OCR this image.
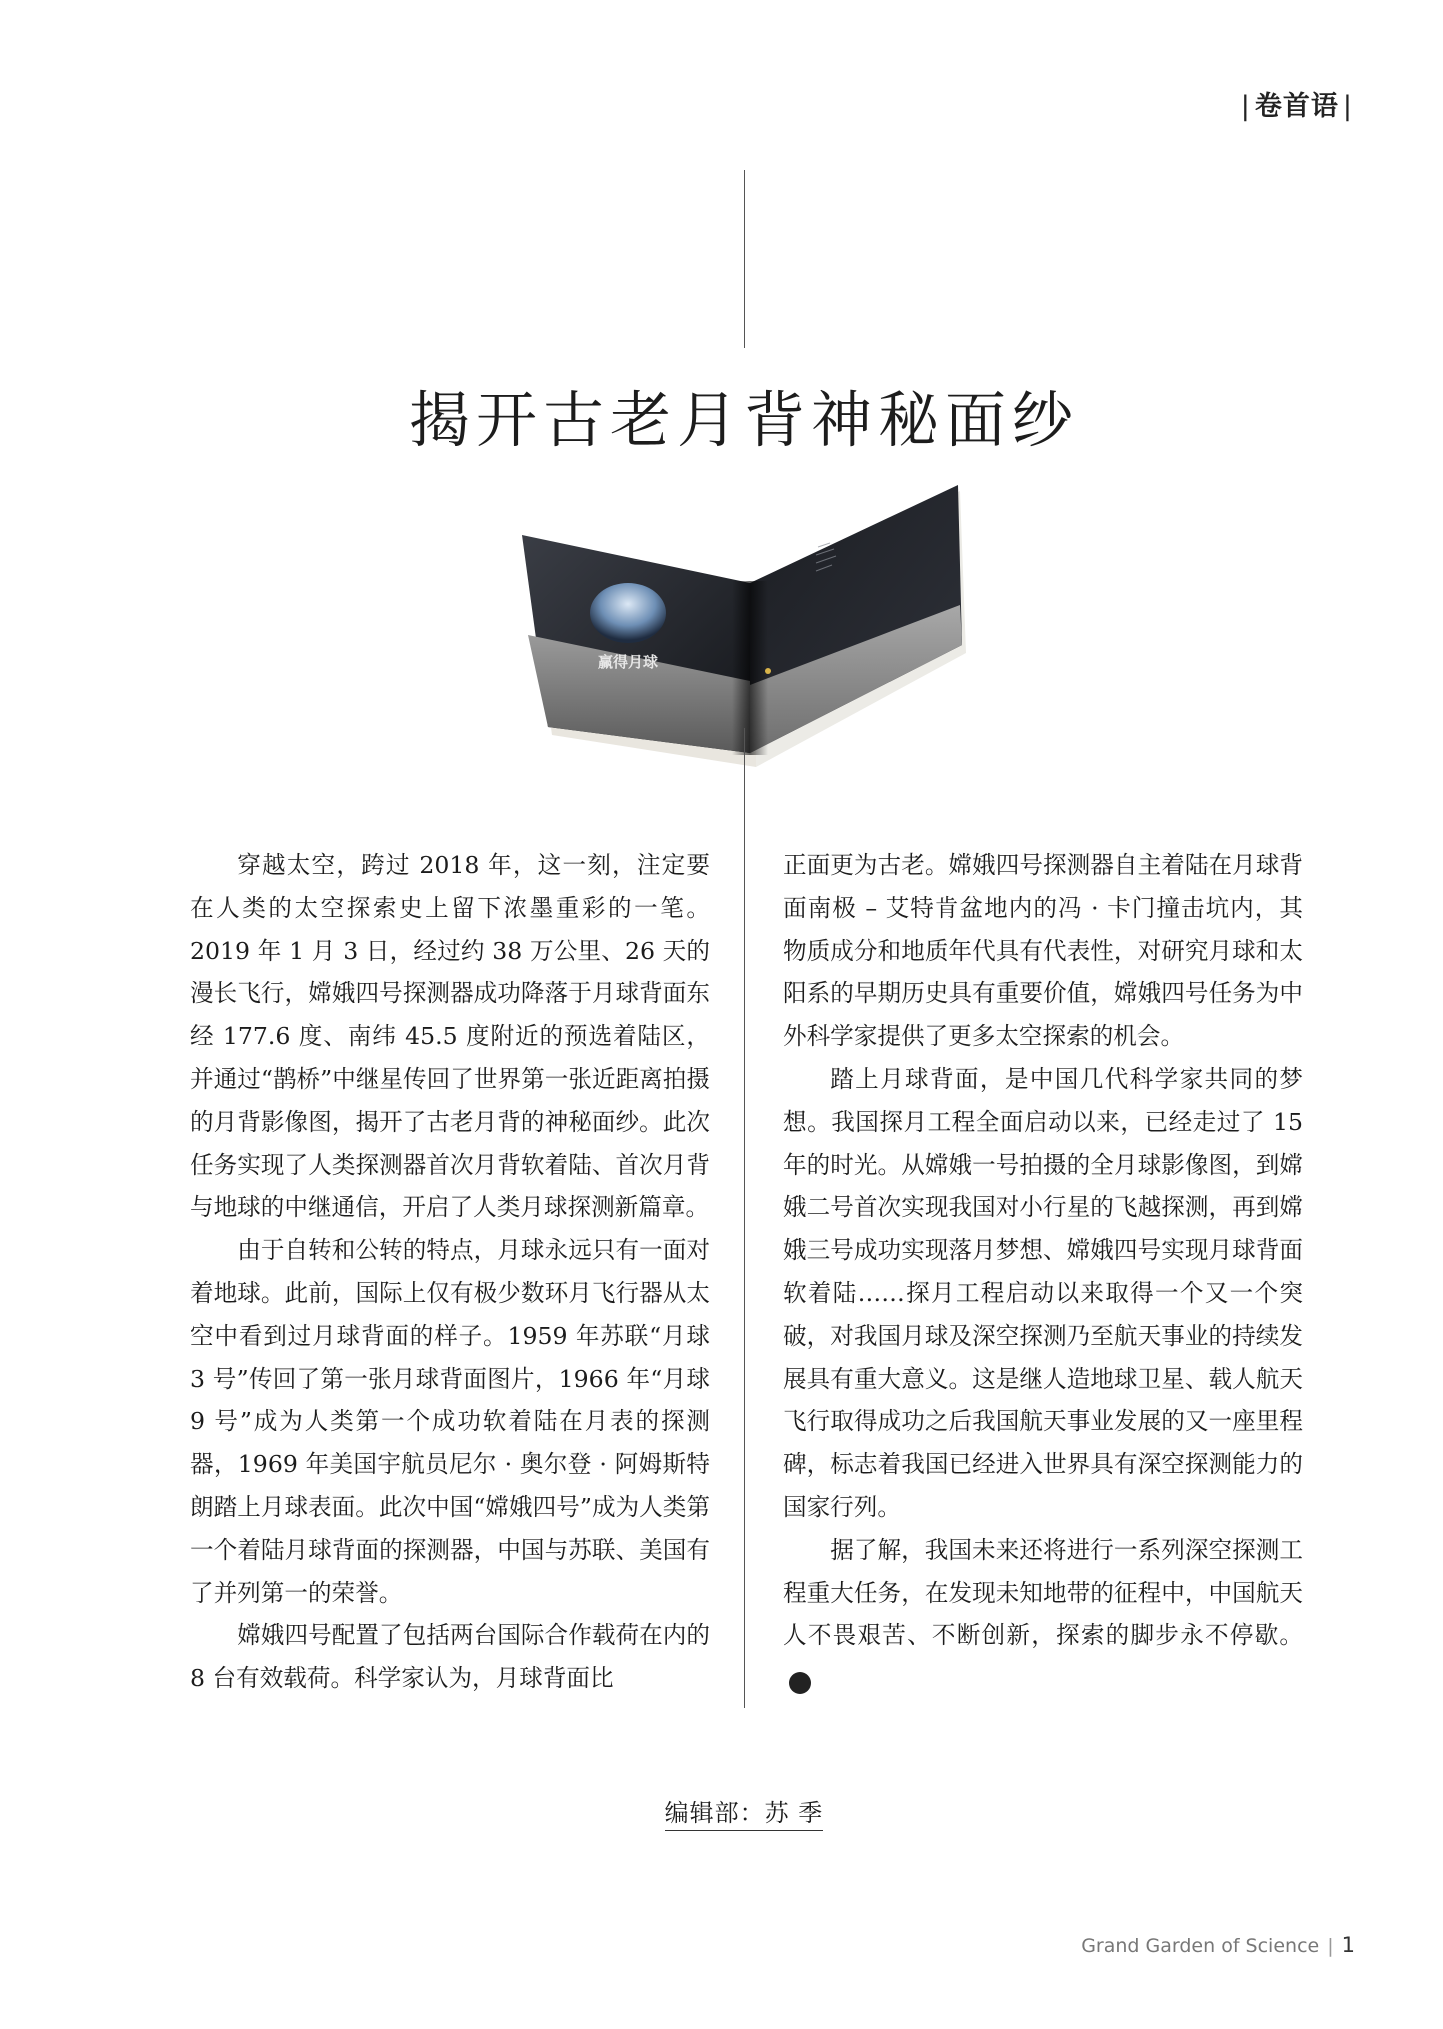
| 卷首语 |
揭开古老月背神秘面纱
赢得月球

穿越太空，跨过 2018 年，这一刻，注定要在人类的太空探索史上留下浓墨重彩的一笔。2019 年 1 月 3 日，经过约 38 万公里、26 天的漫长飞行，嫦娥四号探测器成功降落于月球背面东经 177.6 度、南纬 45.5 度附近的预选着陆区，并通过“鹊桥”中继星传回了世界第一张近距离拍摄的月背影像图，揭开了古老月背的神秘面纱。此次任务实现了人类探测器首次月背软着陆、首次月背与地球的中继通信，开启了人类月球探测新篇章。

由于自转和公转的特点，月球永远只有一面对着地球。此前，国际上仅有极少数环月飞行器从太空中看到过月球背面的样子。1959 年苏联“月球 3 号”传回了第一张月球背面图片，1966 年“月球 9 号”成为人类第一个成功软着陆在月表的探测器，1969 年美国宇航员尼尔 · 奥尔登 · 阿姆斯特朗踏上月球表面。此次中国“嫦娥四号”成为人类第一个着陆月球背面的探测器，中国与苏联、美国有了并列第一的荣誉。

嫦娥四号配置了包括两台国际合作载荷在内的 8 台有效载荷。科学家认为，月球背面比

正面更为古老。嫦娥四号探测器自主着陆在月球背面南极 – 艾特肯盆地内的冯 · 卡门撞击坑内，其物质成分和地质年代具有代表性，对研究月球和太阳系的早期历史具有重要价值，嫦娥四号任务为中外科学家提供了更多太空探索的机会。

踏上月球背面，是中国几代科学家共同的梦想。我国探月工程全面启动以来，已经走过了 15 年的时光。从嫦娥一号拍摄的全月球影像图，到嫦娥二号首次实现我国对小行星的飞越探测，再到嫦娥三号成功实现落月梦想、嫦娥四号实现月球背面软着陆……探月工程启动以来取得一个又一个突破，对我国月球及深空探测乃至航天事业的持续发展具有重大意义。这是继人造地球卫星、载人航天飞行取得成功之后我国航天事业发展的又一座里程碑，标志着我国已经进入世界具有深空探测能力的国家行列。

据了解，我国未来还将进行一系列深空探测工程重大任务，在发现未知地带的征程中，中国航天人不畏艰苦、不断创新，探索的脚步永不停歇。S

编辑部：苏 季
Grand Garden of Science | 1
